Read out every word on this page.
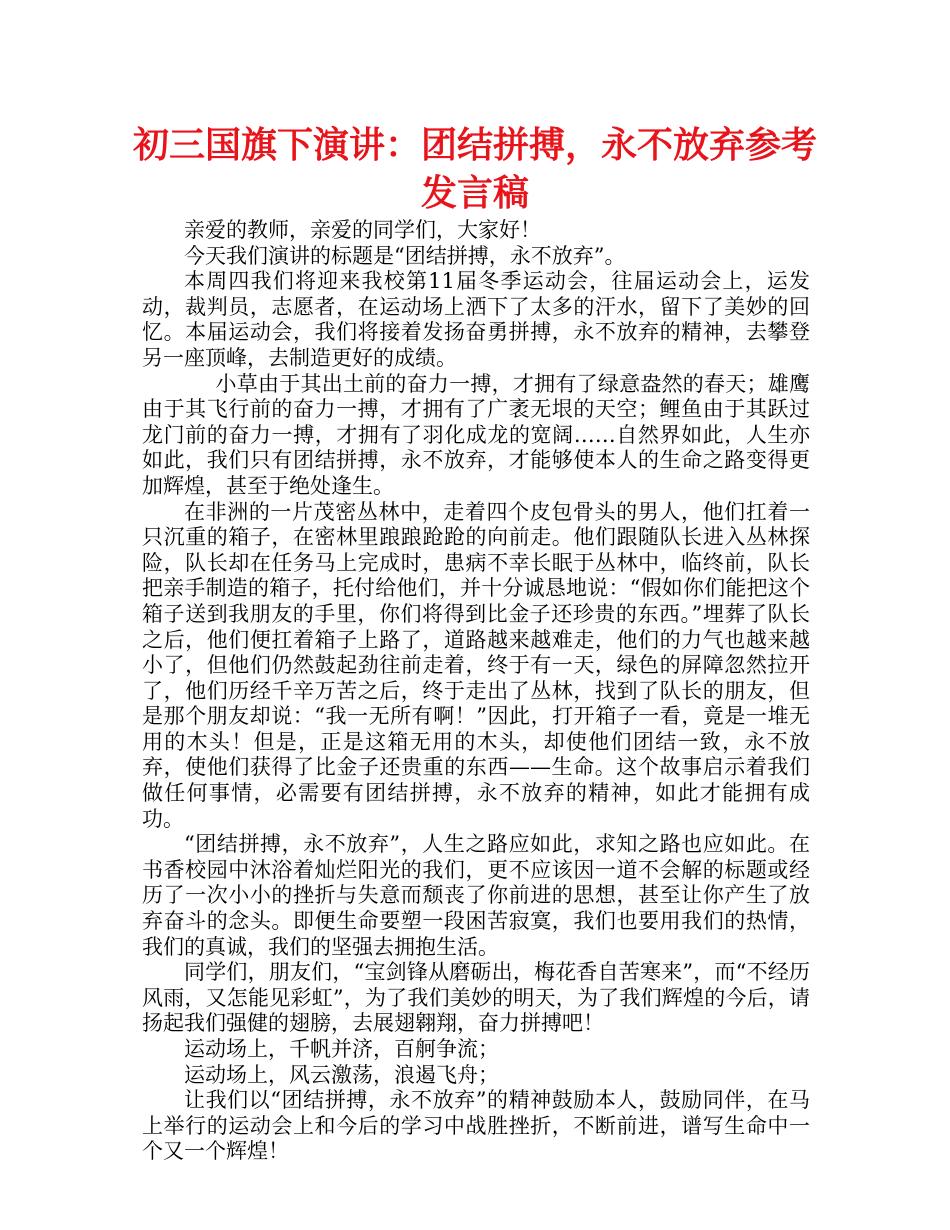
初三国旗下演讲：团结拼搏，永不放弃参考发言稿

亲爱的教师，亲爱的同学们，大家好！

今天我们演讲的标题是“团结拼搏，永不放弃”。

本周四我们将迎来我校第11届冬季运动会，往届运动会上，运发动，裁判员，志愿者，在运动场上洒下了太多的汗水，留下了美妙的回忆。本届运动会，我们将接着发扬奋勇拼搏，永不放弃的精神，去攀登另一座顶峰，去制造更好的成绩。

小草由于其出土前的奋力一搏，才拥有了绿意盎然的春天；雄鹰由于其飞行前的奋力一搏，才拥有了广袤无垠的天空；鲤鱼由于其跃过龙门前的奋力一搏，才拥有了羽化成龙的宽阔……自然界如此，人生亦如此，我们只有团结拼搏，永不放弃，才能够使本人的生命之路变得更加辉煌，甚至于绝处逢生。

在非洲的一片茂密丛林中，走着四个皮包骨头的男人，他们扛着一只沉重的箱子，在密林里踉踉跄跄的向前走。他们跟随队长进入丛林探险，队长却在任务马上完成时，患病不幸长眠于丛林中，临终前，队长把亲手制造的箱子，托付给他们，并十分诚恳地说：“假如你们能把这个箱子送到我朋友的手里，你们将得到比金子还珍贵的东西。”埋葬了队长之后，他们便扛着箱子上路了，道路越来越难走，他们的力气也越来越小了，但他们仍然鼓起劲往前走着，终于有一天，绿色的屏障忽然拉开了，他们历经千辛万苦之后，终于走出了丛林，找到了队长的朋友，但是那个朋友却说：“我一无所有啊！”因此，打开箱子一看，竟是一堆无用的木头！但是，正是这箱无用的木头，却使他们团结一致，永不放弃，使他们获得了比金子还贵重的东西——生命。这个故事启示着我们做任何事情，必需要有团结拼搏，永不放弃的精神，如此才能拥有成功。

“团结拼搏，永不放弃”，人生之路应如此，求知之路也应如此。在书香校园中沐浴着灿烂阳光的我们，更不应该因一道不会解的标题或经历了一次小小的挫折与失意而颓丧了你前进的思想，甚至让你产生了放弃奋斗的念头。即便生命要塑一段困苦寂寞，我们也要用我们的热情，我们的真诚，我们的坚强去拥抱生活。

同学们，朋友们，“宝剑锋从磨砺出，梅花香自苦寒来”，而“不经历风雨，又怎能见彩虹”，为了我们美妙的明天，为了我们辉煌的今后，请扬起我们强健的翅膀，去展翅翱翔，奋力拼搏吧！

运动场上，千帆并济，百舸争流；

运动场上，风云激荡，浪遏飞舟；

让我们以“团结拼搏，永不放弃”的精神鼓励本人，鼓励同伴，在马上举行的运动会上和今后的学习中战胜挫折，不断前进，谱写生命中一个又一个辉煌！
